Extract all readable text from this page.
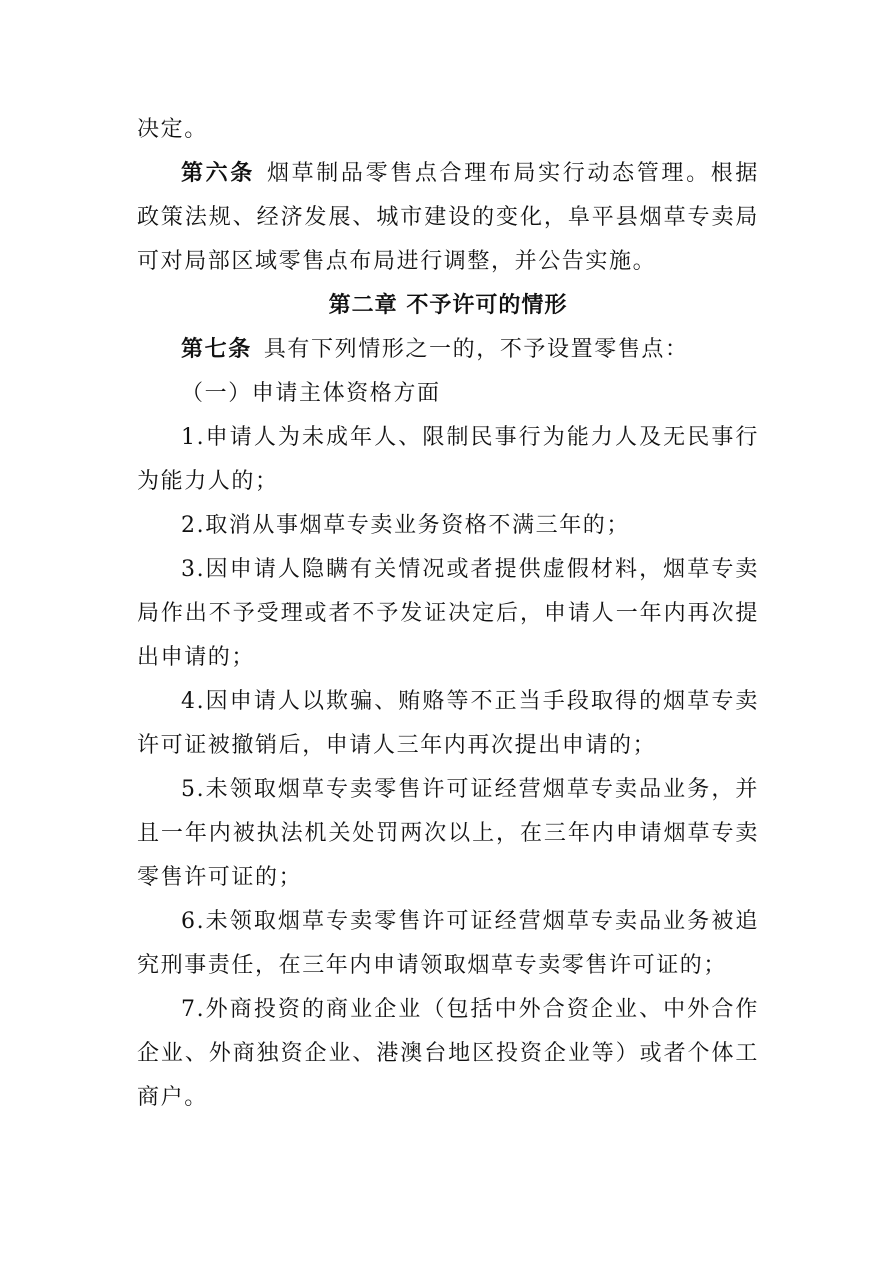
决定。

第六条 烟草制品零售点合理布局实行动态管理。根据政策法规、经济发展、城市建设的变化，阜平县烟草专卖局可对局部区域零售点布局进行调整，并公告实施。

第二章 不予许可的情形

第七条 具有下列情形之一的，不予设置零售点：

（一）申请主体资格方面

1.申请人为未成年人、限制民事行为能力人及无民事行为能力人的；

2.取消从事烟草专卖业务资格不满三年的；

3.因申请人隐瞒有关情况或者提供虚假材料，烟草专卖局作出不予受理或者不予发证决定后，申请人一年内再次提出申请的；

4.因申请人以欺骗、贿赂等不正当手段取得的烟草专卖许可证被撤销后，申请人三年内再次提出申请的；

5.未领取烟草专卖零售许可证经营烟草专卖品业务，并且一年内被执法机关处罚两次以上，在三年内申请烟草专卖零售许可证的；

6.未领取烟草专卖零售许可证经营烟草专卖品业务被追究刑事责任，在三年内申请领取烟草专卖零售许可证的；

7.外商投资的商业企业（包括中外合资企业、中外合作企业、外商独资企业、港澳台地区投资企业等）或者个体工商户。
